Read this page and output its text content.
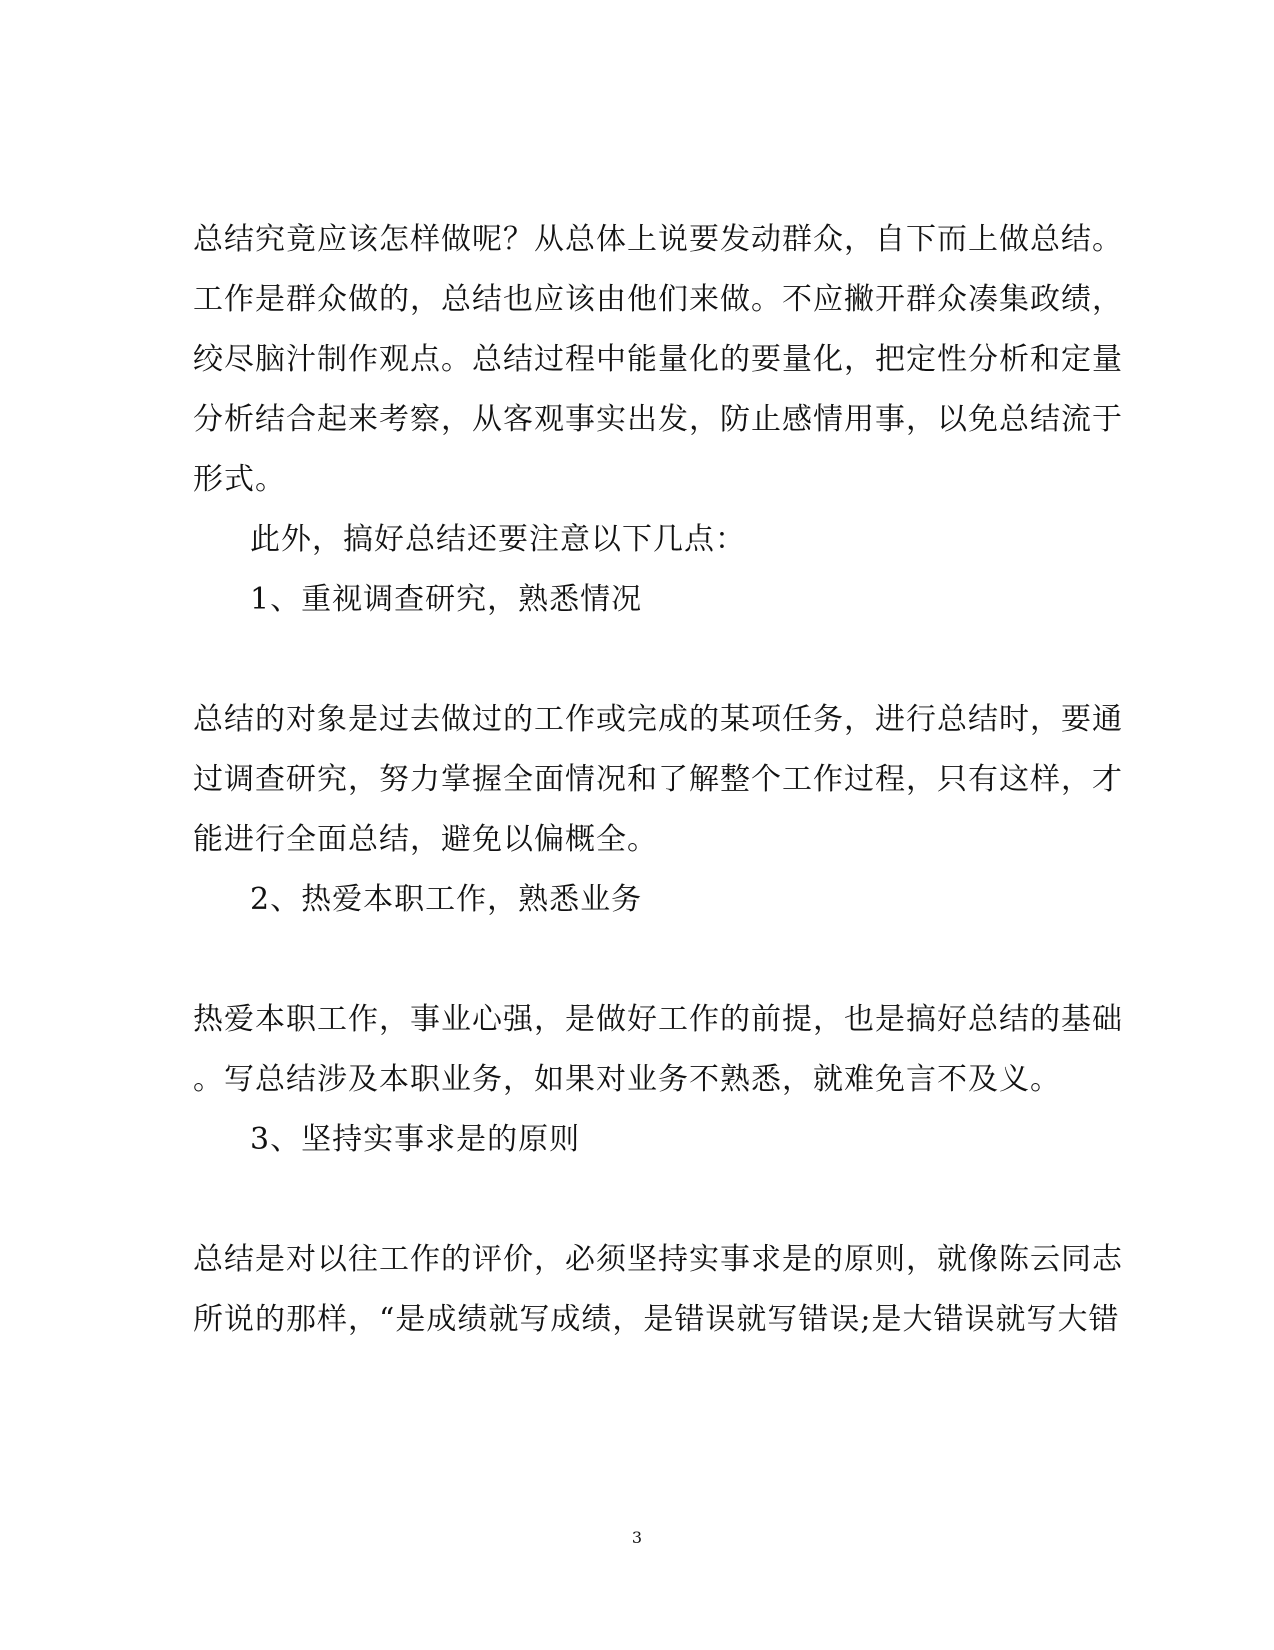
总结究竟应该怎样做呢？从总体上说要发动群众，自下而上做总结。
工作是群众做的，总结也应该由他们来做。不应撇开群众凑集政绩，
绞尽脑汁制作观点。总结过程中能量化的要量化，把定性分析和定量
分析结合起来考察，从客观事实出发，防止感情用事，以免总结流于
形式。
此外，搞好总结还要注意以下几点：
1、重视调查研究，熟悉情况
总结的对象是过去做过的工作或完成的某项任务，进行总结时，要通
过调查研究，努力掌握全面情况和了解整个工作过程，只有这样，才
能进行全面总结，避免以偏概全。
2、热爱本职工作，熟悉业务
热爱本职工作，事业心强，是做好工作的前提，也是搞好总结的基础
。写总结涉及本职业务，如果对业务不熟悉，就难免言不及义。
3、坚持实事求是的原则
总结是对以往工作的评价，必须坚持实事求是的原则，就像陈云同志
所说的那样，“是成绩就写成绩，是错误就写错误;是大错误就写大错
3
